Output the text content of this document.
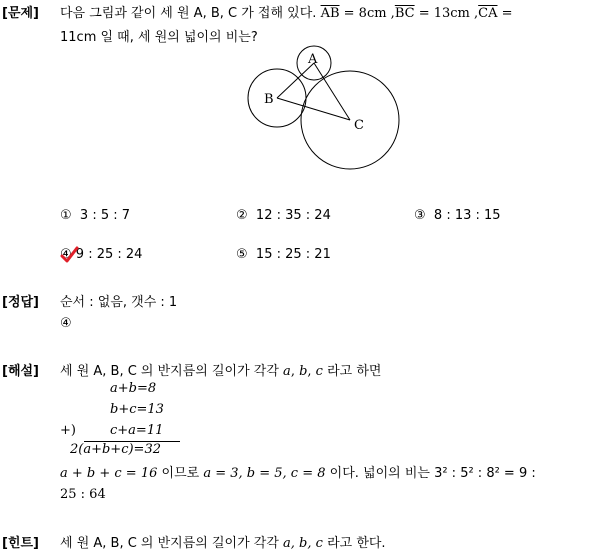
[문제] 다음 그림과 같이 세 원 A, B, C 가 접해 있다. $\overline{AB} = 8cm$ $,\overline{BC} = 13cm$ $,\overline{CA}$ =
11cm 일 때, 세 원의 넓이의 비는?
A
B
C
① 3 : 5 : 7	② 12 : 35 : 24	③ 8 : 13 : 15
④ 9 : 25 : 24	⑤ 15 : 25 : 21
[정답] 순서 : 없음, 갯수 : 1
④
[해설] 세 원 A, B, C 의 반지름의 길이가 각각 a, b, c 라고 하면
a+b=8
b+c=13
+)	c+a=11
2(a+b+c)=32
a + b + c = 16 이므로 a = 3, b = 5, c = 8 이다. 넓이의 비는 3² : 5² : 8² = 9 :
25 : 64
[힌트] 세 원 A, B, C 의 반지름의 길이가 각각 a, b, c 라고 한다.
